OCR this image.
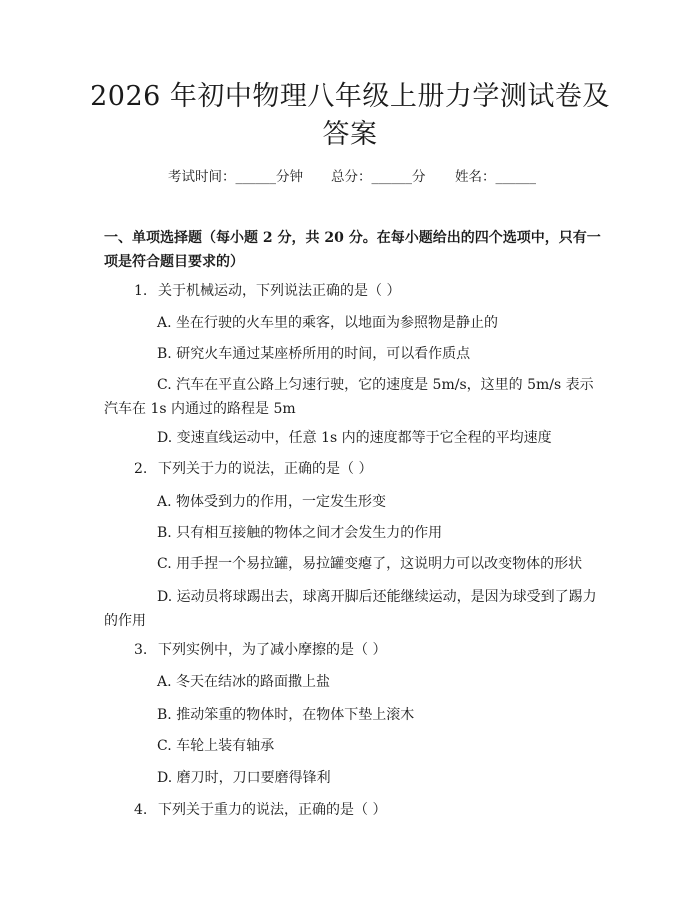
2026 年初中物理八年级上册力学测试卷及答案
考试时间：______分钟 总分：______分 姓名：______

一、单项选择题（每小题 2 分，共 20 分。在每小题给出的四个选项中，只有一项是符合题目要求的）

1. 关于机械运动，下列说法正确的是（ ）

A. 坐在行驶的火车里的乘客，以地面为参照物是静止的

B. 研究火车通过某座桥所用的时间，可以看作质点

C. 汽车在平直公路上匀速行驶，它的速度是 5m/s，这里的 5m/s 表示汽车在 1s 内通过的路程是 5m

D. 变速直线运动中，任意 1s 内的速度都等于它全程的平均速度

2. 下列关于力的说法，正确的是（ ）

A. 物体受到力的作用，一定发生形变

B. 只有相互接触的物体之间才会发生力的作用

C. 用手捏一个易拉罐，易拉罐变瘪了，这说明力可以改变物体的形状

D. 运动员将球踢出去，球离开脚后还能继续运动，是因为球受到了踢力的作用

3. 下列实例中，为了减小摩擦的是（ ）

A. 冬天在结冰的路面撒上盐

B. 推动笨重的物体时，在物体下垫上滚木

C. 车轮上装有轴承

D. 磨刀时，刀口要磨得锋利

4. 下列关于重力的说法，正确的是（ ）
